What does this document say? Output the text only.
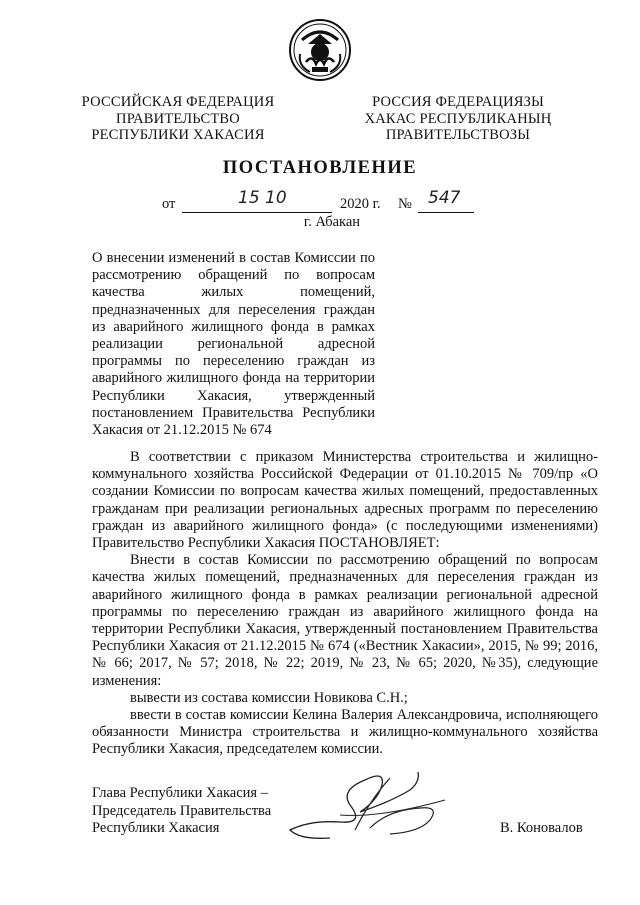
РОССИЙСКАЯ ФЕДЕРАЦИЯ
ПРАВИТЕЛЬСТВО
РЕСПУБЛИКИ ХАКАСИЯ
РОССИЯ ФЕДЕРАЦИЯЗЫ
ХАКАС РЕСПУБЛИКАНЫҢ
ПРАВИТЕЛЬСТВОЗЫ
ПОСТАНОВЛЕНИЕ
от	15 10	2020 г. № 547
г. Абакан
О внесении изменений в состав Комиссии по рассмотрению обращений по вопросам качества жилых помещений, предназначенных для переселения граждан из аварийного жилищного фонда в рамках реализации региональной адресной программы по переселению граждан из аварийного жилищного фонда на территории Республики Хакасия, утвержденный постановлением Правительства Республики Хакасия от 21.12.2015 № 674

В соответствии с приказом Министерства строительства и жилищно-коммунального хозяйства Российской Федерации от 01.10.2015 № 709/пр «О создании Комиссии по вопросам качества жилых помещений, предоставленных гражданам при реализации региональных адресных программ по переселению граждан из аварийного жилищного фонда» (с последующими изменениями) Правительство Республики Хакасия ПОСТАНОВЛЯЕТ:

Внести в состав Комиссии по рассмотрению обращений по вопросам качества жилых помещений, предназначенных для переселения граждан из аварийного жилищного фонда в рамках реализации региональной адресной программы по переселению граждан из аварийного жилищного фонда на территории Республики Хакасия, утвержденный постановлением Правительства Республики Хакасия от 21.12.2015 № 674 («Вестник Хакасии», 2015, № 99; 2016, № 66; 2017, № 57; 2018, № 22; 2019, № 23, № 65; 2020, №35), следующие изменения:

вывести из состава комиссии Новикова С.Н.;

ввести в состав комиссии Келина Валерия Александровича, исполняющего обязанности Министра строительства и жилищно-коммунального хозяйства Республики Хакасия, председателем комиссии.

Глава Республики Хакасия –
Председатель Правительства
Республики Хакасия	В. Коновалов
